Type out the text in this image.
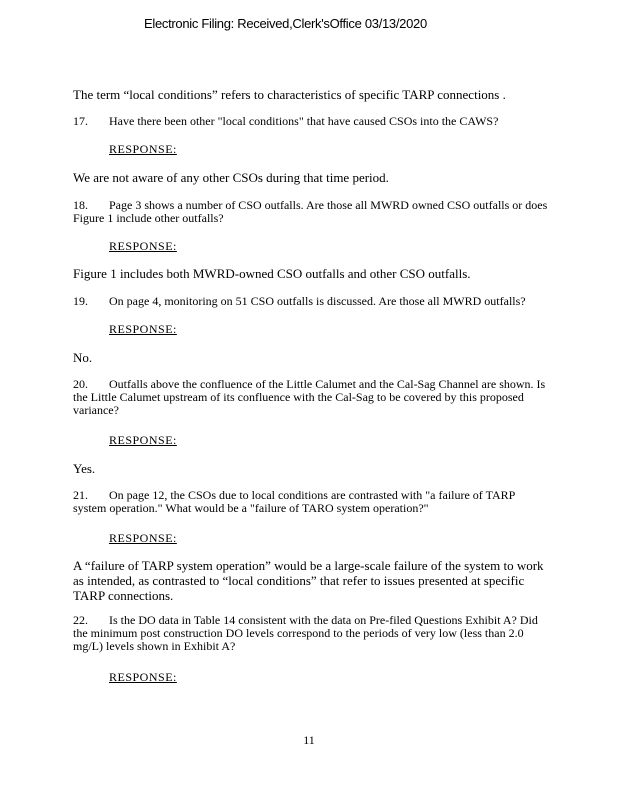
Electronic Filing: Received,Clerk'sOffice 03/13/2020
The term “local conditions” refers to characteristics of specific TARP connections .
17. Have there been other "local conditions" that have caused CSOs into the CAWS?
RESPONSE:
We are not aware of any other CSOs during that time period.
18. Page 3 shows a number of CSO outfalls. Are those all MWRD owned CSO outfalls or does Figure 1 include other outfalls?
RESPONSE:
Figure 1 includes both MWRD-owned CSO outfalls and other CSO outfalls.
19. On page 4, monitoring on 51 CSO outfalls is discussed. Are those all MWRD outfalls?
RESPONSE:
No.
20. Outfalls above the confluence of the Little Calumet and the Cal-Sag Channel are shown. Is the Little Calumet upstream of its confluence with the Cal-Sag to be covered by this proposed variance?
RESPONSE:
Yes.
21. On page 12, the CSOs due to local conditions are contrasted with "a failure of TARP system operation." What would be a "failure of TARO system operation?"
RESPONSE:
A “failure of TARP system operation” would be a large-scale failure of the system to work as intended, as contrasted to “local conditions” that refer to issues presented at specific TARP connections.
22. Is the DO data in Table 14 consistent with the data on Pre-filed Questions Exhibit A? Did the minimum post construction DO levels correspond to the periods of very low (less than 2.0 mg/L) levels shown in Exhibit A?
RESPONSE:
11
